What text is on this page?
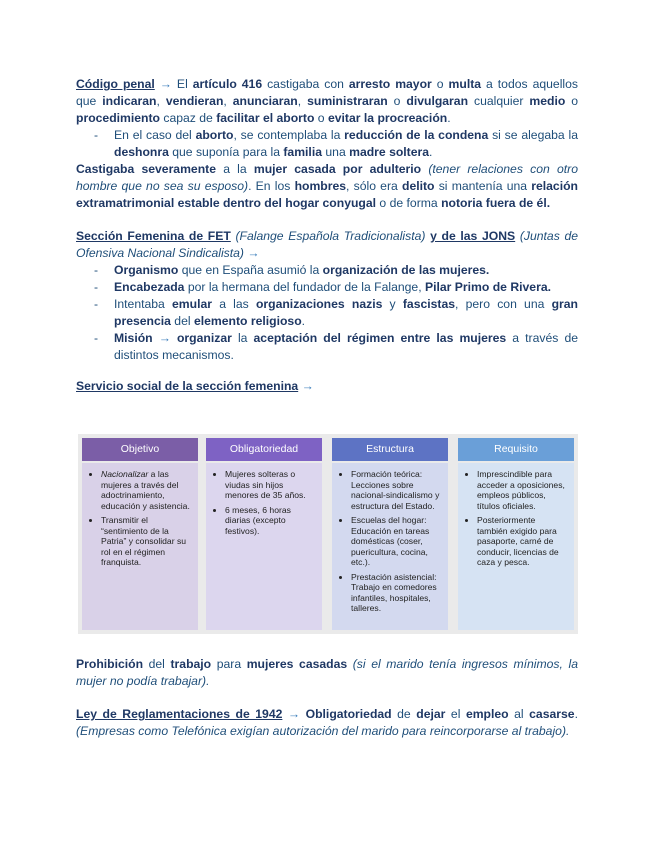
Código penal → El artículo 416 castigaba con arresto mayor o multa a todos aquellos que indicaran, vendieran, anunciaran, suministraran o divulgaran cualquier medio o procedimiento capaz de facilitar el aborto o evitar la procreación.

- En el caso del aborto, se contemplaba la reducción de la condena si se alegaba la deshonra que suponía para la familia una madre soltera.

Castigaba severamente a la mujer casada por adulterio (tener relaciones con otro hombre que no sea su esposo). En los hombres, sólo era delito si mantenía una relación extramatrimonial estable dentro del hogar conyugal o de forma notoria fuera de él.

Sección Femenina de FET (Falange Española Tradicionalista) y de las JONS (Juntas de Ofensiva Nacional Sindicalista) →

- Organismo que en España asumió la organización de las mujeres.

- Encabezada por la hermana del fundador de la Falange, Pilar Primo de Rivera.

- Intentaba emular a las organizaciones nazis y fascistas, pero con una gran presencia del elemento religioso.

- Misión → organizar la aceptación del régimen entre las mujeres a través de distintos mecanismos.

Servicio social de la sección femenina →

Objetivo
• Nacionalizar a las mujeres a través del adoctrinamiento, educación y asistencia.
• Transmitir el “sentimiento de la Patria” y consolidar su rol en el régimen franquista.
Obligatoriedad
• Mujeres solteras o viudas sin hijos menores de 35 años.
• 6 meses, 6 horas diarias (excepto festivos).
Estructura
• Formación teórica: Lecciones sobre nacional-sindicalismo y estructura del Estado.
• Escuelas del hogar: Educación en tareas domésticas (coser, puericultura, cocina, etc.).
• Prestación asistencial: Trabajo en comedores infantiles, hospitales, talleres.
Requisito
• Imprescindible para acceder a oposiciones, empleos públicos, títulos oficiales.
• Posteriormente también exigido para pasaporte, carné de conducir, licencias de caza y pesca.

Prohibición del trabajo para mujeres casadas (si el marido tenía ingresos mínimos, la mujer no podía trabajar).

Ley de Reglamentaciones de 1942 → Obligatoriedad de dejar el empleo al casarse. (Empresas como Telefónica exigían autorización del marido para reincorporarse al trabajo).
